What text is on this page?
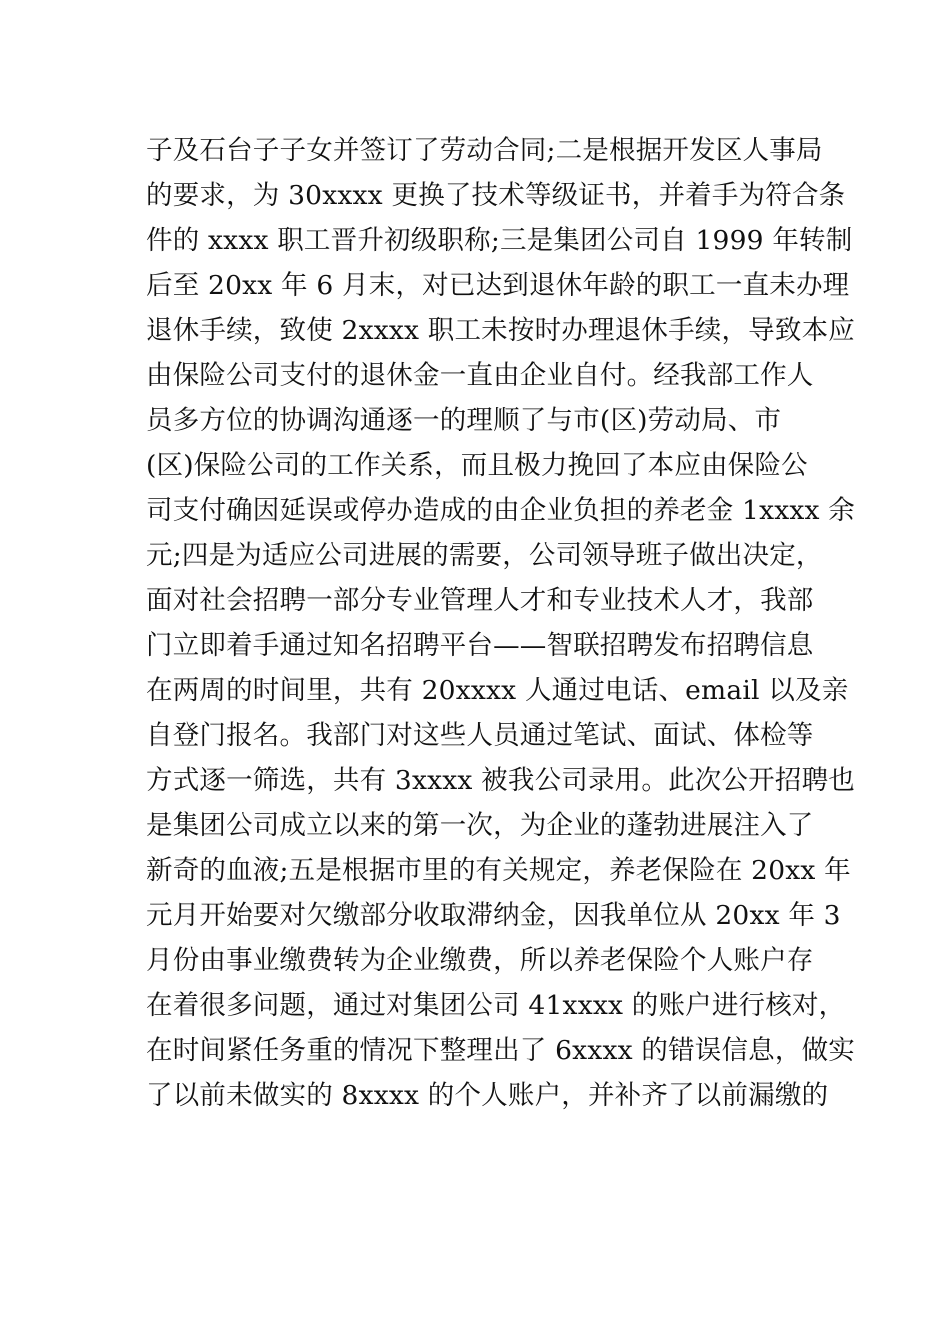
子及石台子子女并签订了劳动合同;二是根据开发区人事局
的要求，为 30xxxx 更换了技术等级证书，并着手为符合条
件的 xxxx 职工晋升初级职称;三是集团公司自 1999 年转制
后至 20xx 年 6 月末，对已达到退休年龄的职工一直未办理
退休手续，致使 2xxxx 职工未按时办理退休手续，导致本应
由保险公司支付的退休金一直由企业自付。经我部工作人
员多方位的协调沟通逐一的理顺了与市(区)劳动局、市
(区)保险公司的工作关系，而且极力挽回了本应由保险公
司支付确因延误或停办造成的由企业负担的养老金 1xxxx 余
元;四是为适应公司进展的需要，公司领导班子做出决定，
面对社会招聘一部分专业管理人才和专业技术人才，我部
门立即着手通过知名招聘平台——智联招聘发布招聘信息
在两周的时间里，共有 20xxxx 人通过电话、email 以及亲
自登门报名。我部门对这些人员通过笔试、面试、体检等
方式逐一筛选，共有 3xxxx 被我公司录用。此次公开招聘也
是集团公司成立以来的第一次，为企业的蓬勃进展注入了
新奇的血液;五是根据市里的有关规定，养老保险在 20xx 年
元月开始要对欠缴部分收取滞纳金，因我单位从 20xx 年 3
月份由事业缴费转为企业缴费，所以养老保险个人账户存
在着很多问题，通过对集团公司 41xxxx 的账户进行核对，
在时间紧任务重的情况下整理出了 6xxxx 的错误信息，做实
了以前未做实的 8xxxx 的个人账户，并补齐了以前漏缴的
